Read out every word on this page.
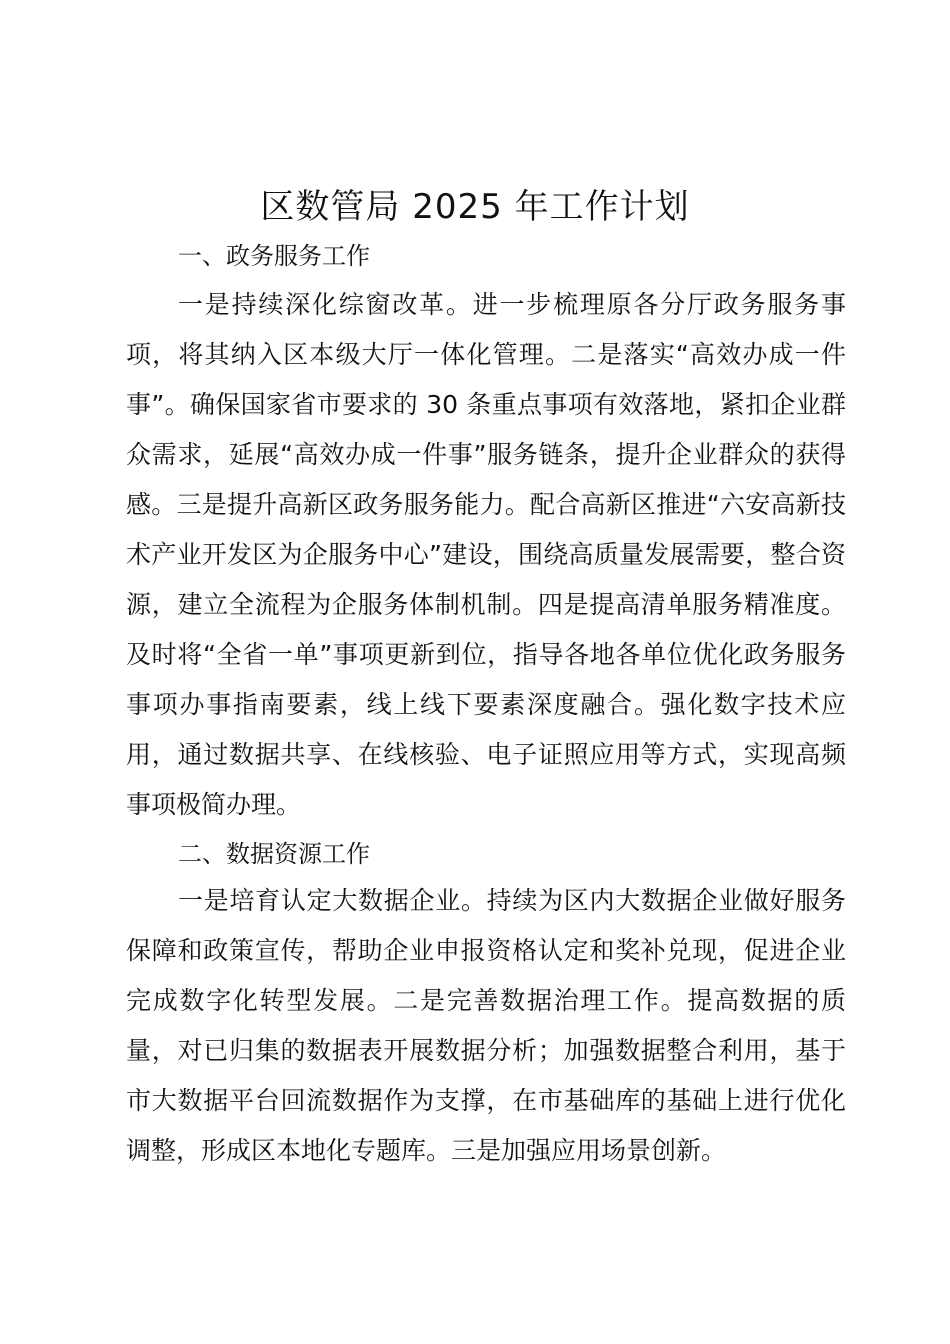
区数管局 2025 年工作计划
一、政务服务工作
一是持续深化综窗改革。进一步梳理原各分厅政务服务事项，将其纳入区本级大厅一体化管理。二是落实“高效办成一件事”。确保国家省市要求的 30 条重点事项有效落地，紧扣企业群众需求，延展“高效办成一件事”服务链条，提升企业群众的获得感。三是提升高新区政务服务能力。配合高新区推进“六安高新技术产业开发区为企服务中心”建设，围绕高质量发展需要，整合资源，建立全流程为企服务体制机制。四是提高清单服务精准度。及时将“全省一单”事项更新到位，指导各地各单位优化政务服务事项办事指南要素，线上线下要素深度融合。强化数字技术应用，通过数据共享、在线核验、电子证照应用等方式，实现高频事项极简办理。
二、数据资源工作
一是培育认定大数据企业。持续为区内大数据企业做好服务保障和政策宣传，帮助企业申报资格认定和奖补兑现，促进企业完成数字化转型发展。二是完善数据治理工作。提高数据的质量，对已归集的数据表开展数据分析；加强数据整合利用，基于市大数据平台回流数据作为支撑，在市基础库的基础上进行优化调整，形成区本地化专题库。三是加强应用场景创新。
